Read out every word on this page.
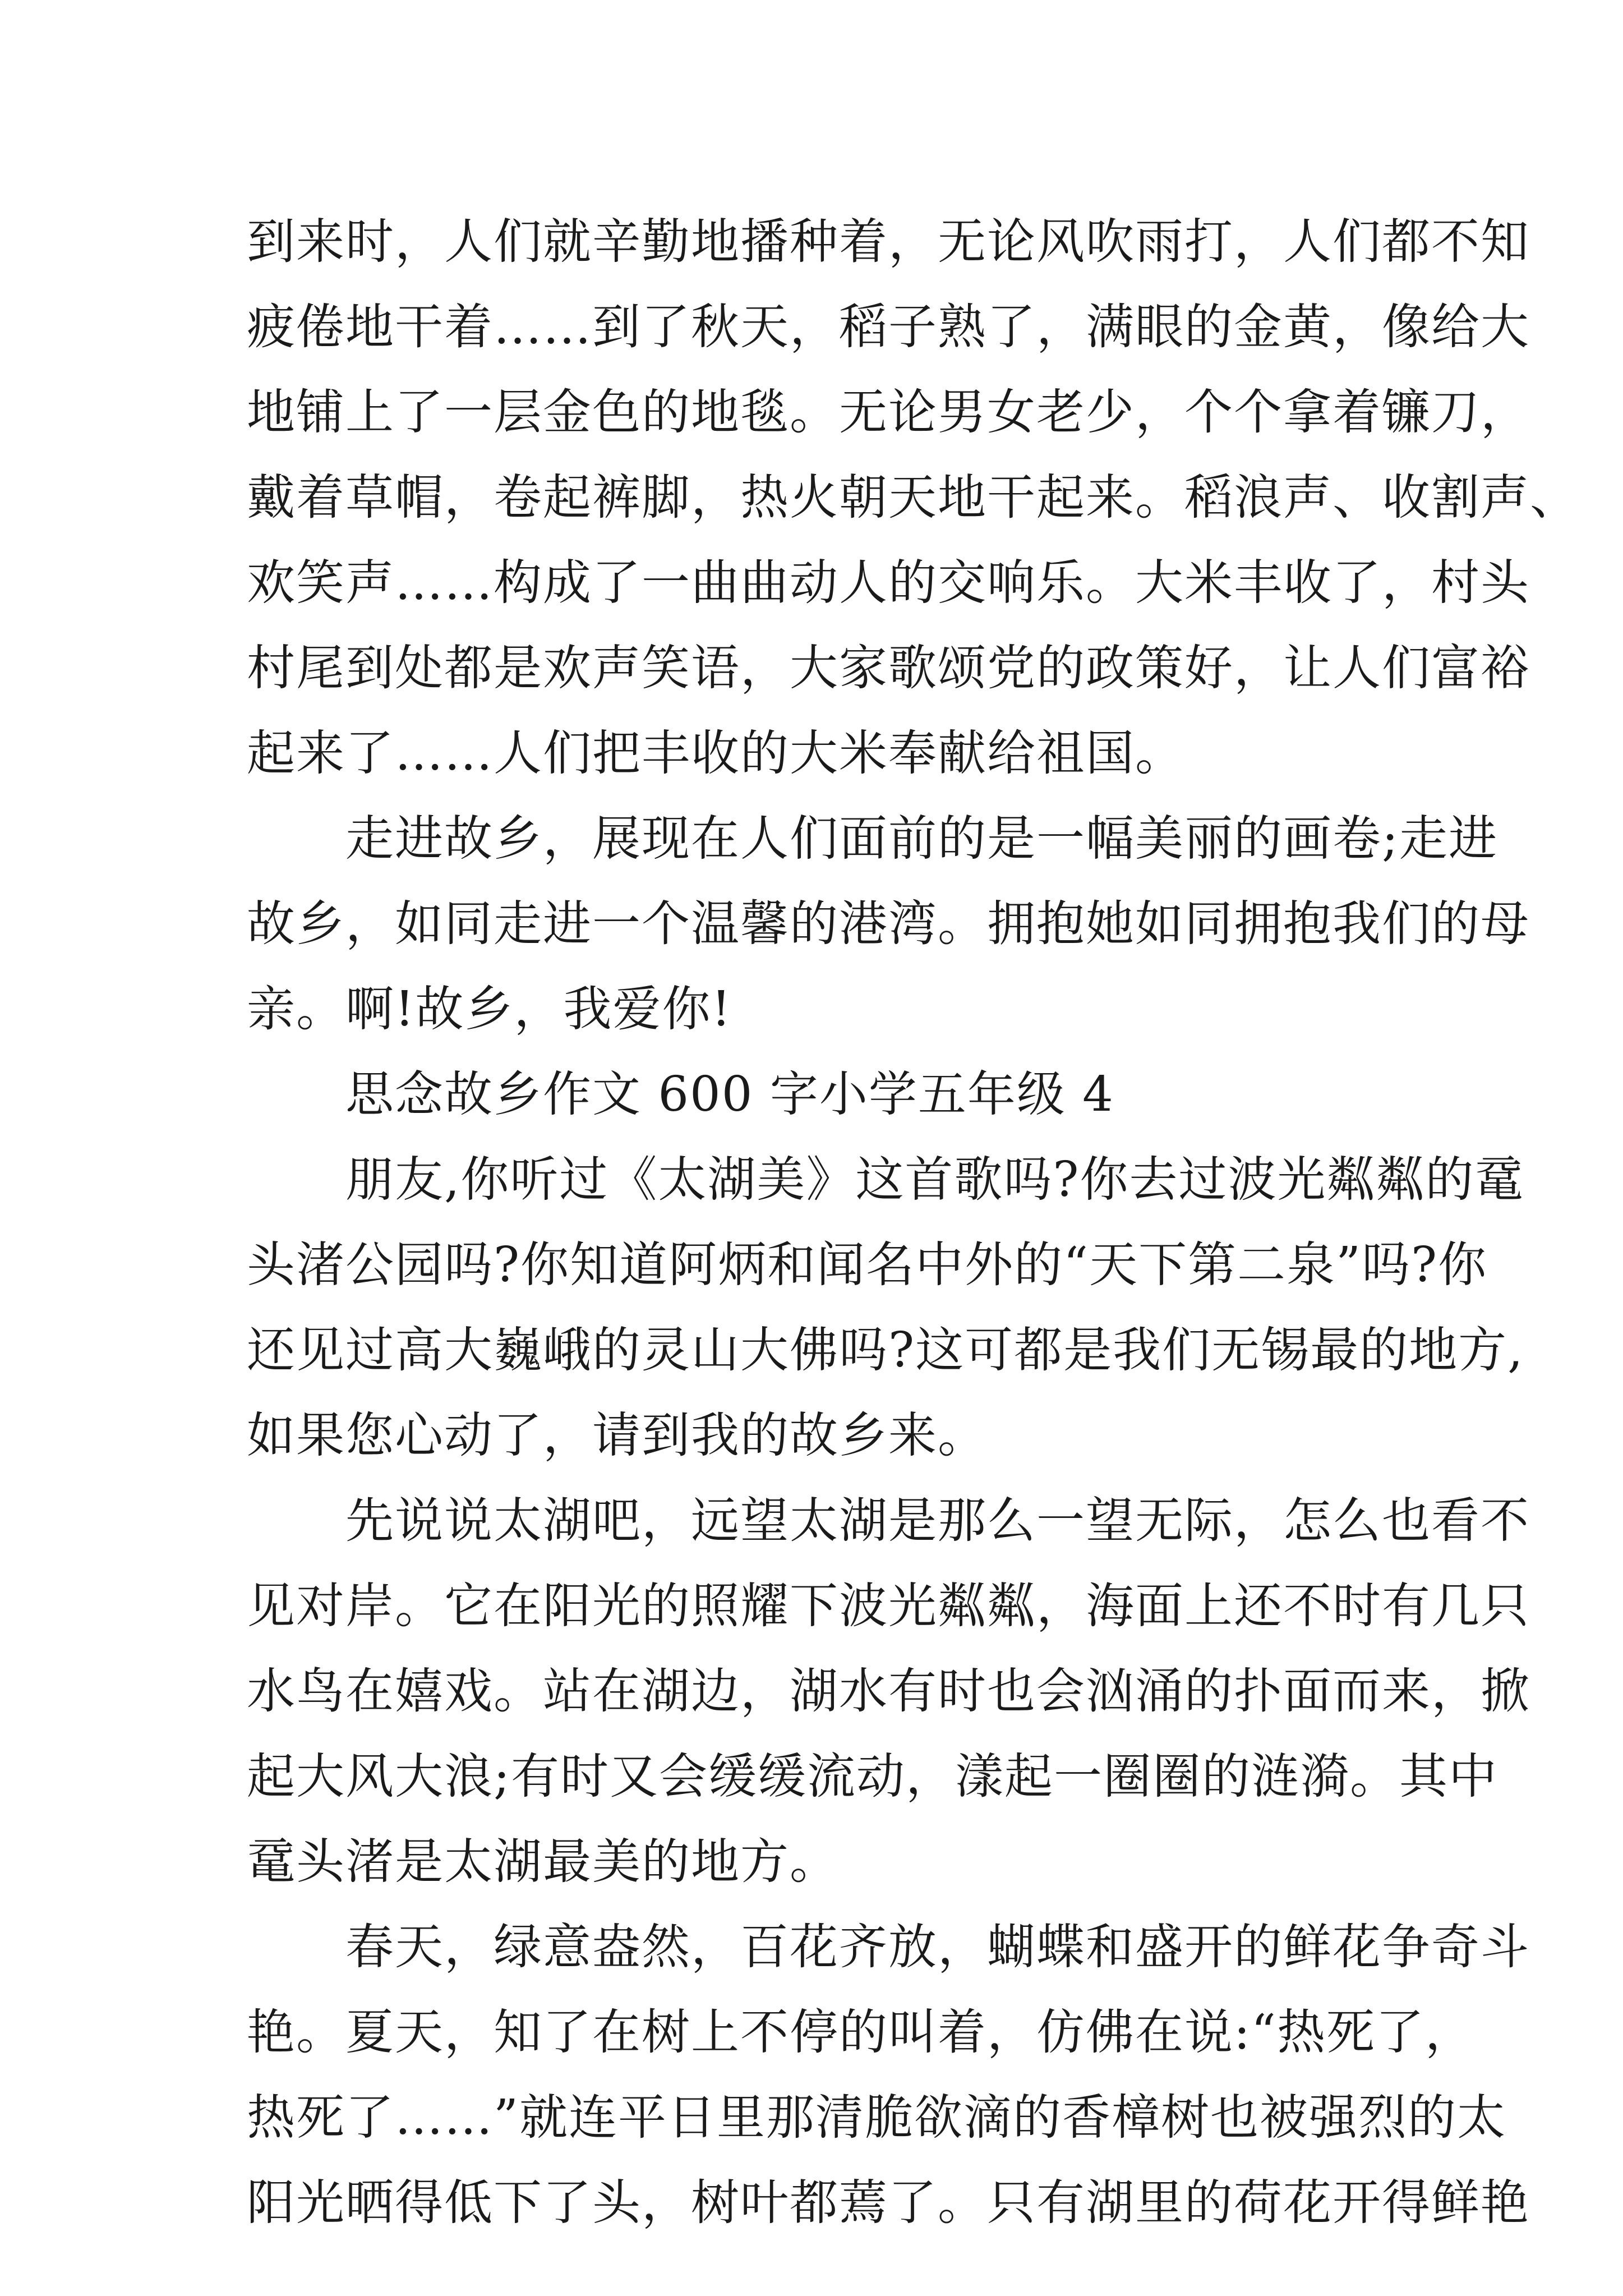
到来时，人们就辛勤地播种着，无论风吹雨打，人们都不知
疲倦地干着……到了秋天，稻子熟了，满眼的金黄，像给大
地铺上了一层金色的地毯。无论男女老少，个个拿着镰刀，
戴着草帽，卷起裤脚，热火朝天地干起来。稻浪声、收割声、
欢笑声……构成了一曲曲动人的交响乐。大米丰收了，村头
村尾到处都是欢声笑语，大家歌颂党的政策好，让人们富裕
起来了……人们把丰收的大米奉献给祖国。
　　走进故乡，展现在人们面前的是一幅美丽的画卷;走进
故乡，如同走进一个温馨的港湾。拥抱她如同拥抱我们的母
亲。啊!故乡，我爱你!
　　思念故乡作文 600 字小学五年级 4
　　朋友,你听过《太湖美》这首歌吗?你去过波光粼粼的鼋
头渚公园吗?你知道阿炳和闻名中外的“天下第二泉”吗?你
还见过高大巍峨的灵山大佛吗?这可都是我们无锡最的地方,
如果您心动了，请到我的故乡来。
　　先说说太湖吧，远望太湖是那么一望无际，怎么也看不
见对岸。它在阳光的照耀下波光粼粼，海面上还不时有几只
水鸟在嬉戏。站在湖边，湖水有时也会汹涌的扑面而来，掀
起大风大浪;有时又会缓缓流动，漾起一圈圈的涟漪。其中
鼋头渚是太湖最美的地方。
　　春天，绿意盎然，百花齐放，蝴蝶和盛开的鲜花争奇斗
艳。夏天，知了在树上不停的叫着，仿佛在说:“热死了，
热死了……”就连平日里那清脆欲滴的香樟树也被强烈的太
阳光晒得低下了头，树叶都蔫了。只有湖里的荷花开得鲜艳
